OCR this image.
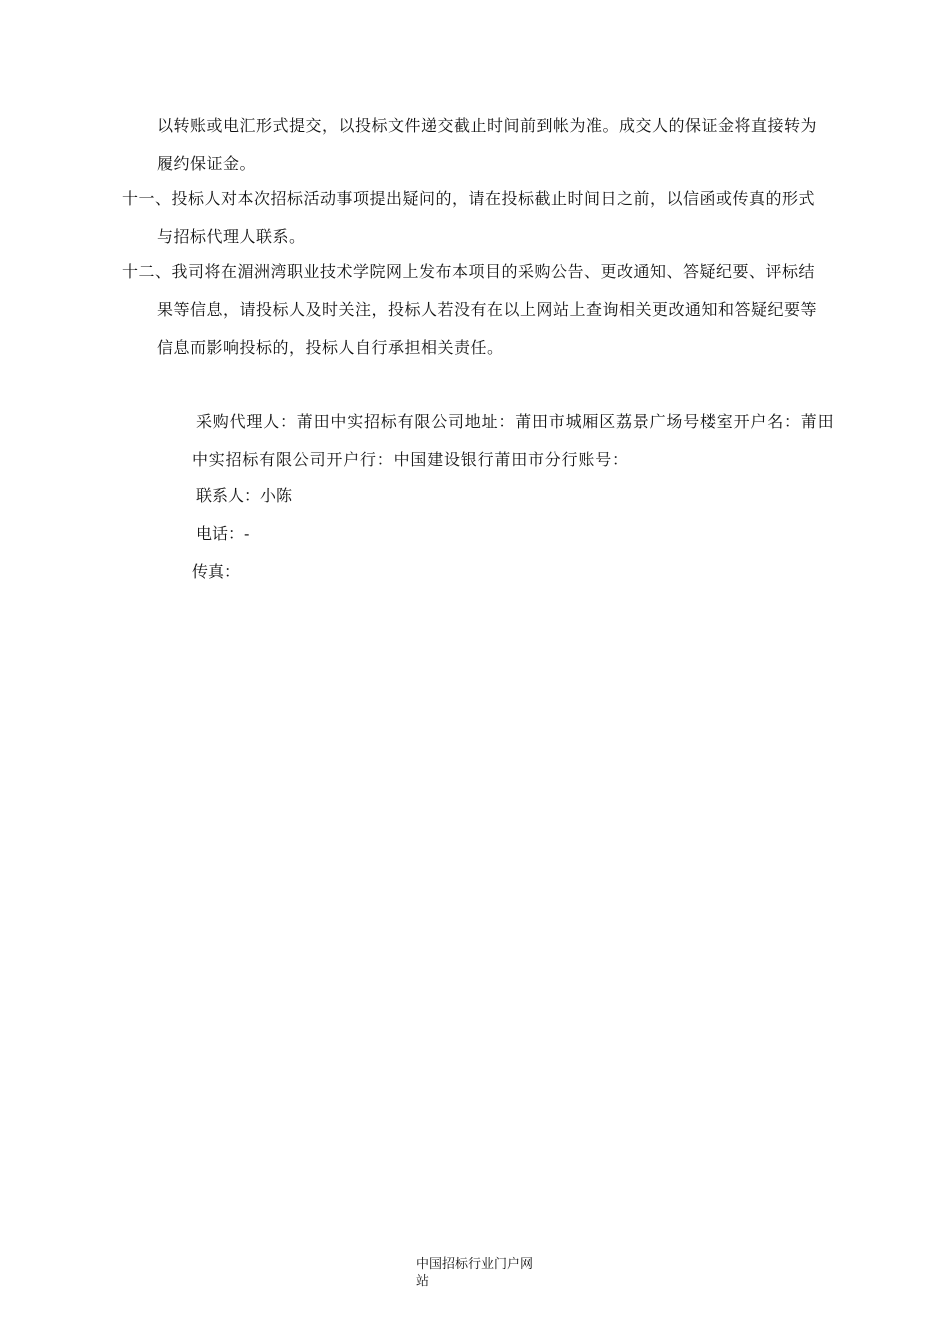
以转账或电汇形式提交，以投标文件递交截止时间前到帐为准。成交人的保证金将直接转为
履约保证金。
十一、投标人对本次招标活动事项提出疑问的，请在投标截止时间日之前，以信函或传真的形式
与招标代理人联系。
十二、我司将在湄洲湾职业技术学院网上发布本项目的采购公告、更改通知、答疑纪要、评标结
果等信息，请投标人及时关注，投标人若没有在以上网站上查询相关更改通知和答疑纪要等
信息而影响投标的，投标人自行承担相关责任。
采购代理人：莆田中实招标有限公司地址：莆田市城厢区荔景广场号楼室开户名：莆田
中实招标有限公司开户行：中国建设银行莆田市分行账号：
联系人：小陈
电话：-
传真：
中国招标行业门户网
站
